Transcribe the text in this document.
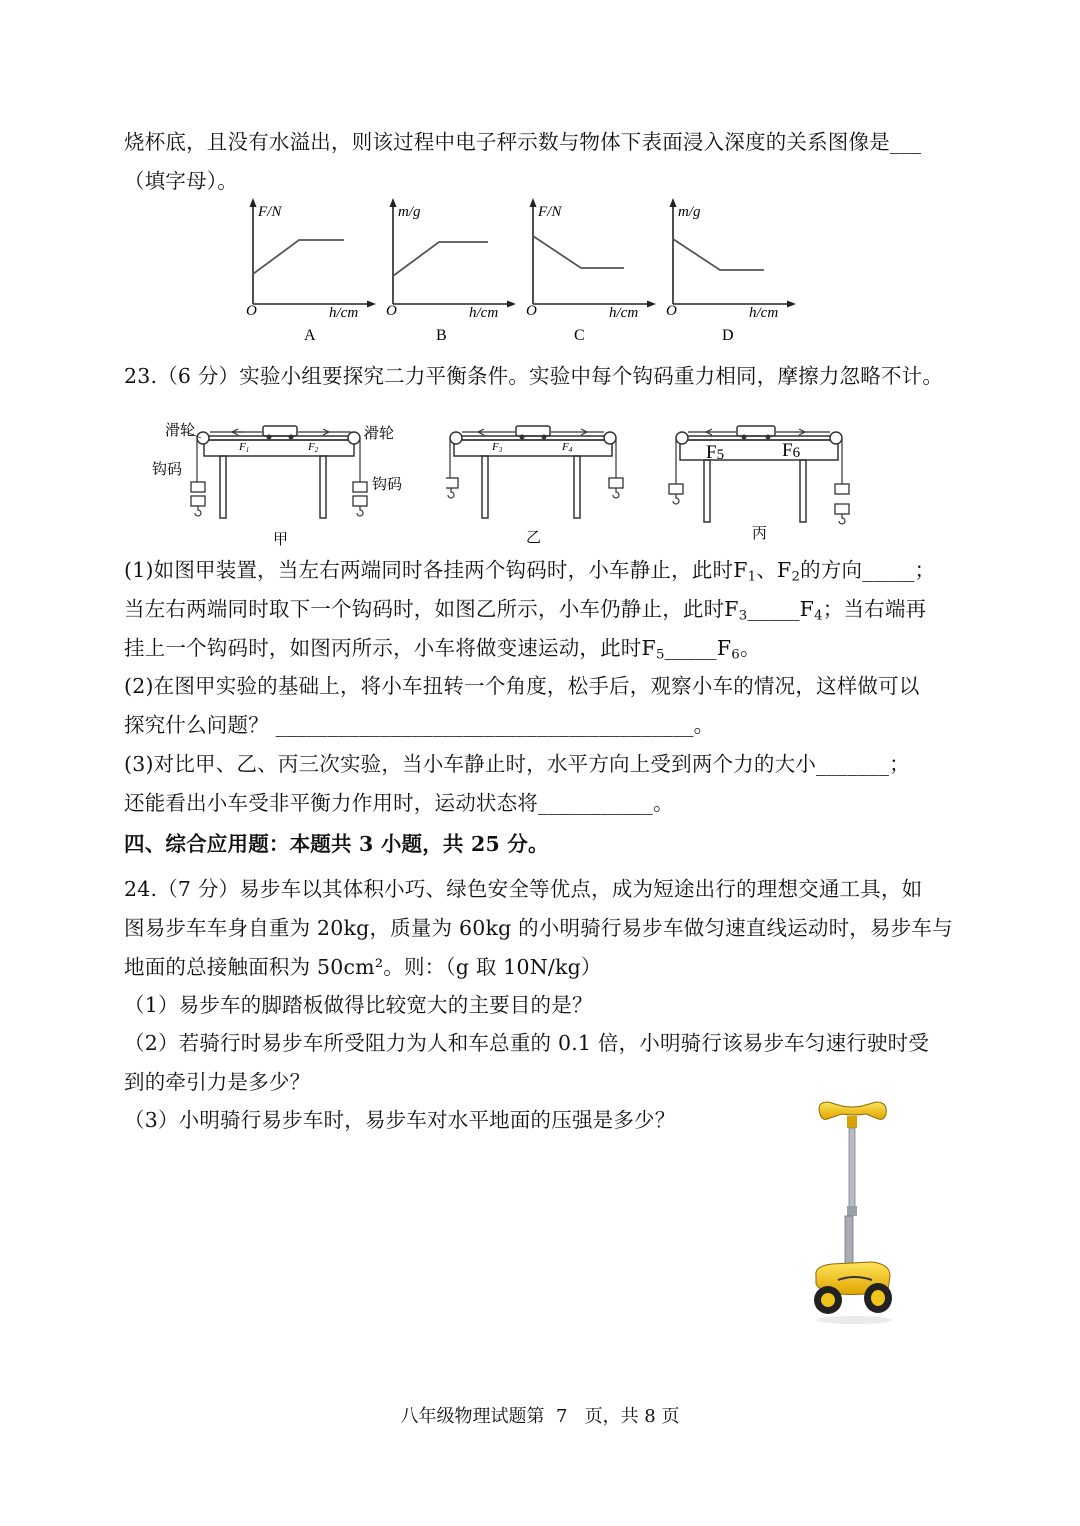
烧杯底，且没有水溢出，则该过程中电子秤示数与物体下表面浸入深度的关系图像是___
（填字母）。
F/N
O	h/cm
A
m/g
O	h/cm
B
F/N
O	h/cm
C
m/g
O	h/cm
D
23.（6 分）实验小组要探究二力平衡条件。实验中每个钩码重力相同，摩擦力忽略不计。
滑轮	滑轮
钩码
钩码
F1	F2
甲
F3	F4
乙
F5	F6
丙
(1)如图甲装置，当左右两端同时各挂两个钩码时，小车静止，此时$F_1$、$F_2$的方向_____；
当左右两端同时取下一个钩码时，如图乙所示，小车仍静止，此时$F_3\_\_\_\_\_F_4$；当右端再
挂上一个钩码时，如图丙所示，小车将做变速运动，此时$F_5\_\_\_\_\_F_6$。
(2)在图甲实验的基础上，将小车扭转一个角度，松手后，观察小车的情况，这样做可以
探究什么问题？ ________________________________________。
(3)对比甲、乙、丙三次实验，当小车静止时，水平方向上受到两个力的大小_______；
还能看出小车受非平衡力作用时，运动状态将___________。
四、综合应用题：本题共 3 小题，共 25 分。
24.（7 分）易步车以其体积小巧、绿色安全等优点，成为短途出行的理想交通工具，如
图易步车车身自重为 20kg，质量为 60kg 的小明骑行易步车做匀速直线运动时，易步车与
地面的总接触面积为 50cm²。则：（g 取 10N/kg）
（1）易步车的脚踏板做得比较宽大的主要目的是？
（2）若骑行时易步车所受阻力为人和车总重的 0.1 倍，小明骑行该易步车匀速行驶时受
到的牵引力是多少？
（3）小明骑行易步车时，易步车对水平地面的压强是多少？
八年级物理试题第  7   页，共 8 页
